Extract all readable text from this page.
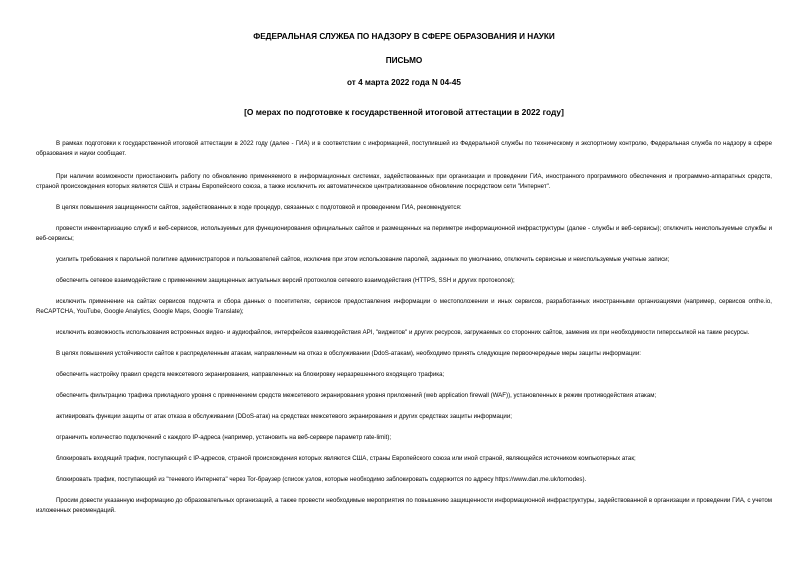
ФЕДЕРАЛЬНАЯ СЛУЖБА ПО НАДЗОРУ В СФЕРЕ ОБРАЗОВАНИЯ И НАУКИ
ПИСЬМО
от 4 марта 2022 года N 04-45
[О мерах по подготовке к государственной итоговой аттестации в 2022 году]

В рамках подготовки к государственной итоговой аттестации в 2022 году (далее - ГИА) и в соответствии с информацией, поступившей из Федеральной службы по техническому и экспортному контролю, Федеральная служба по надзору в сфере образования и науки сообщает.

При наличии возможности приостановить работу по обновлению применяемого в информационных системах, задействованных при организации и проведении ГИА, иностранного программного обеспечения и программно-аппаратных средств, страной происхождения которых является США и страны Европейского союза, а также исключить их автоматическое централизованное обновление посредством сети "Интернет".

В целях повышения защищенности сайтов, задействованных в ходе процедур, связанных с подготовкой и проведением ГИА, рекомендуется:

провести инвентаризацию служб и веб-сервисов, используемых для функционирования официальных сайтов и размещенных на периметре информационной инфраструктуры (далее - службы и веб-сервисы); отключить неиспользуемые службы и веб-сервисы;

усилить требования к парольной политике администраторов и пользователей сайтов, исключив при этом использование паролей, заданных по умолчанию, отключить сервисные и неиспользуемые учетные записи;

обеспечить сетевое взаимодействие с применением защищенных актуальных версий протоколов сетевого взаимодействия (HTTPS, SSH и других протоколов);

исключить применение на сайтах сервисов подсчета и сбора данных о посетителях, сервисов предоставления информации о местоположении и иных сервисов, разработанных иностранными организациями (например, сервисов onthe.io, ReCAPTCHA, YouTube, Google Analytics, Google Maps, Google Translate);

исключить возможность использования встроенных видео- и аудиофайлов, интерфейсов взаимодействия API, "виджетов" и других ресурсов, загружаемых со сторонних сайтов, заменив их при необходимости гиперссылкой на такие ресурсы.

В целях повышения устойчивости сайтов к распределенным атакам, направленным на отказ в обслуживании (DdoS-атакам), необходимо принять следующие первоочередные меры защиты информации:

обеспечить настройку правил средств межсетевого экранирования, направленных на блокировку неразрешенного входящего трафика;

обеспечить фильтрацию трафика прикладного уровня с применением средств межсетевого экранирования уровня приложений (web application firewall (WAF)), установленных в режим противодействия атакам;

активировать функции защиты от атак отказа в обслуживании (DDoS-атак) на средствах межсетевого экранирования и других средствах защиты информации;

ограничить количество подключений с каждого IP-адреса (например, установить на веб-сервере параметр rate-limit);

блокировать входящий трафик, поступающий с IP-адресов, страной происхождения которых являются США, страны Европейского союза или иной страной, являющейся источником компьютерных атак;

блокировать трафик, поступающий из "теневого Интернета" через Tor-браузер (список узлов, которые необходимо заблокировать содержится по адресу https://www.dan.me.uk/tornodes).

Просим довести указанную информацию до образовательных организаций, а также провести необходимые мероприятия по повышению защищенности информационной инфраструктуры, задействованной в организации и проведении ГИА, с учетом изложенных рекомендаций.
